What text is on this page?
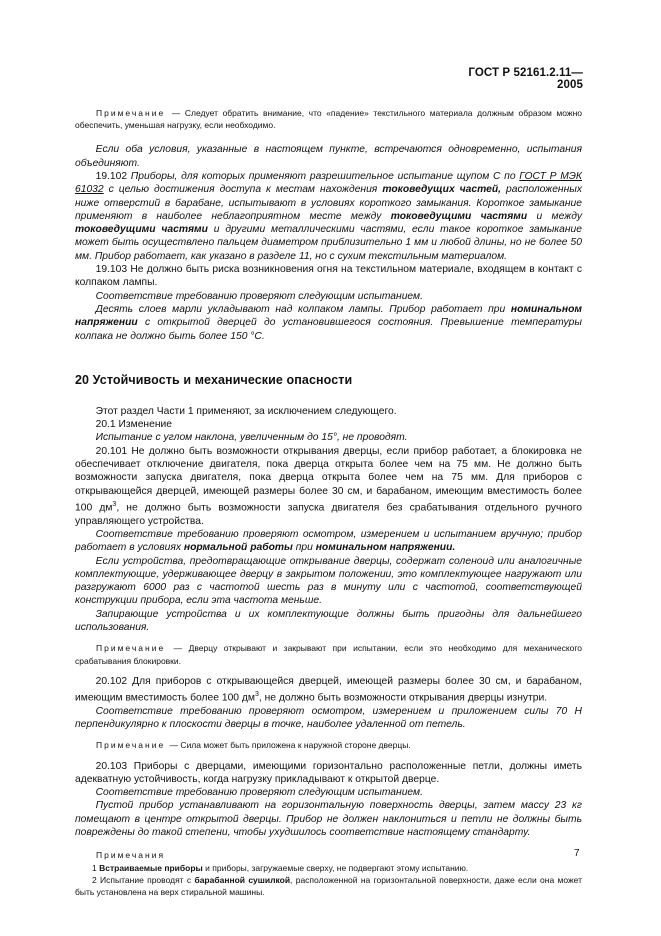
ГОСТ Р 52161.2.11—2005

  Примечание — Следует обратить внимание, что «падение» текстильного материала должным образом можно обеспечить, уменьшая нагрузку, если необходимо.

  Если оба условия, указанные в настоящем пункте, встречаются одновременно, испытания объединяют.

  19.102 Приборы, для которых применяют разрешительное испытание щупом С по ГОСТ Р МЭК 61032 с целью достижения доступа к местам нахождения токоведущих частей, расположенных ниже отверстий в барабане, испытывают в условиях короткого замыкания. Короткое замыкание применяют в наиболее неблагоприятном месте между токоведущими частями и между токоведущими частями и другими металлическими частями, если такое короткое замыкание может быть осуществлено пальцем диаметром приблизительно 1 мм и любой длины, но не более 50 мм. Прибор работает, как указано в разделе 11, но с сухим текстильным материалом.

  19.103 Не должно быть риска возникновения огня на текстильном материале, входящем в контакт с колпаком лампы.

  Соответствие требованию проверяют следующим испытанием.

  Десять слоев марли укладывают над колпаком лампы. Прибор работает при номинальном напряжении с открытой дверцей до установившегося состояния. Превышение температуры колпака не должно быть более 150 °С.

20 Устойчивость и механические опасности

  Этот раздел Части 1 применяют, за исключением следующего.

  20.1 Изменение

  Испытание с углом наклона, увеличенным до 15°, не проводят.

  20.101 Не должно быть возможности открывания дверцы, если прибор работает, а блокировка не обеспечивает отключение двигателя, пока дверца открыта более чем на 75 мм. Не должно быть возможности запуска двигателя, пока дверца открыта более чем на 75 мм. Для приборов с открывающейся дверцей, имеющей размеры более 30 см, и барабаном, имеющим вместимость более 100 $дм^3$, не должно быть возможности запуска двигателя без срабатывания отдельного ручного управляющего устройства.

  Соответствие требованию проверяют осмотром, измерением и испытанием вручную; прибор работает в условиях нормальной работы при номинальном напряжении.

  Если устройства, предотвращающие открывание дверцы, содержат соленоид или аналогичные комплектующие, удерживающее дверцу в закрытом положении, это комплектующее нагружают или разгружают 6000 раз с частотой шесть раз в минуту или с частотой, соответствующей конструкции прибора, если эта частота меньше.

  Запирающие устройства и их комплектующие должны быть пригодны для дальнейшего использования.

  Примечание — Дверцу открывают и закрывают при испытании, если это необходимо для механического срабатывания блокировки.

  20.102 Для приборов с открывающейся дверцей, имеющей размеры более 30 см, и барабаном, имеющим вместимость более 100 $дм^3$, не должно быть возможности открывания дверцы изнутри.

  Соответствие требованию проверяют осмотром, измерением и приложением силы 70 Н перпендикулярно к плоскости дверцы в точке, наиболее удаленной от петель.

  Примечание — Сила может быть приложена к наружной стороне дверцы.

  20.103 Приборы с дверцами, имеющими горизонтально расположенные петли, должны иметь адекватную устойчивость, когда нагрузку прикладывают к открытой дверце.

  Соответствие требованию проверяют следующим испытанием.

  Пустой прибор устанавливают на горизонтальную поверхность дверцы, затем массу 23 кг помещают в центре открытой дверцы. Прибор не должен наклониться и петли не должны быть повреждены до такой степени, чтобы ухудшилось соответствие настоящему стандарту.

  Примечания

  1 Встраиваемые приборы и приборы, загружаемые сверху, не подвергают этому испытанию.

  2 Испытание проводят с барабанной сушилкой, расположенной на горизонтальной поверхности, даже если она может быть установлена на верх стиральной машины.

7
